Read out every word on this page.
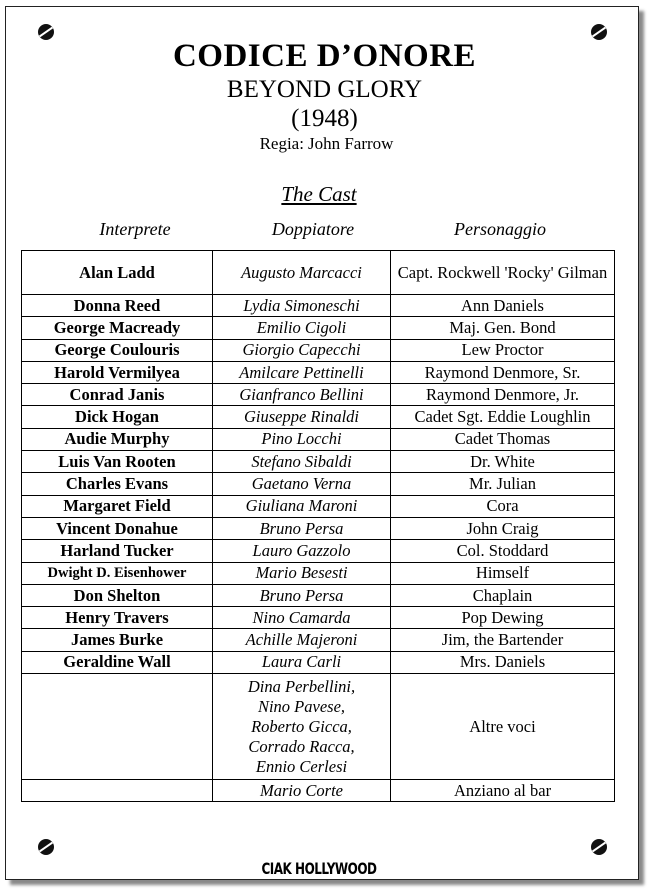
CODICE D’ONORE
BEYOND GLORY
(1948)
Regia: John Farrow
The Cast
Interprete	Doppiatore	Personaggio
Alan Ladd	Augusto Marcacci	Capt. Rockwell 'Rocky' Gilman
Donna Reed	Lydia Simoneschi	Ann Daniels
George Macready	Emilio Cigoli	Maj. Gen. Bond
George Coulouris	Giorgio Capecchi	Lew Proctor
Harold Vermilyea	Amilcare Pettinelli	Raymond Denmore, Sr.
Conrad Janis	Gianfranco Bellini	Raymond Denmore, Jr.
Dick Hogan	Giuseppe Rinaldi	Cadet Sgt. Eddie Loughlin
Audie Murphy	Pino Locchi	Cadet Thomas
Luis Van Rooten	Stefano Sibaldi	Dr. White
Charles Evans	Gaetano Verna	Mr. Julian
Margaret Field	Giuliana Maroni	Cora
Vincent Donahue	Bruno Persa	John Craig
Harland Tucker	Lauro Gazzolo	Col. Stoddard
Dwight D. Eisenhower	Mario Besesti	Himself
Don Shelton	Bruno Persa	Chaplain
Henry Travers	Nino Camarda	Pop Dewing
James Burke	Achille Majeroni	Jim, the Bartender
Geraldine Wall	Laura Carli	Mrs. Daniels

	Dina Perbellini,
Nino Pavese,
Roberto Gicca,
Corrado Racca,
Ennio Cerlesi	Altre voci
	Mario Corte	Anziano al bar
CIAK HOLLYWOOD
